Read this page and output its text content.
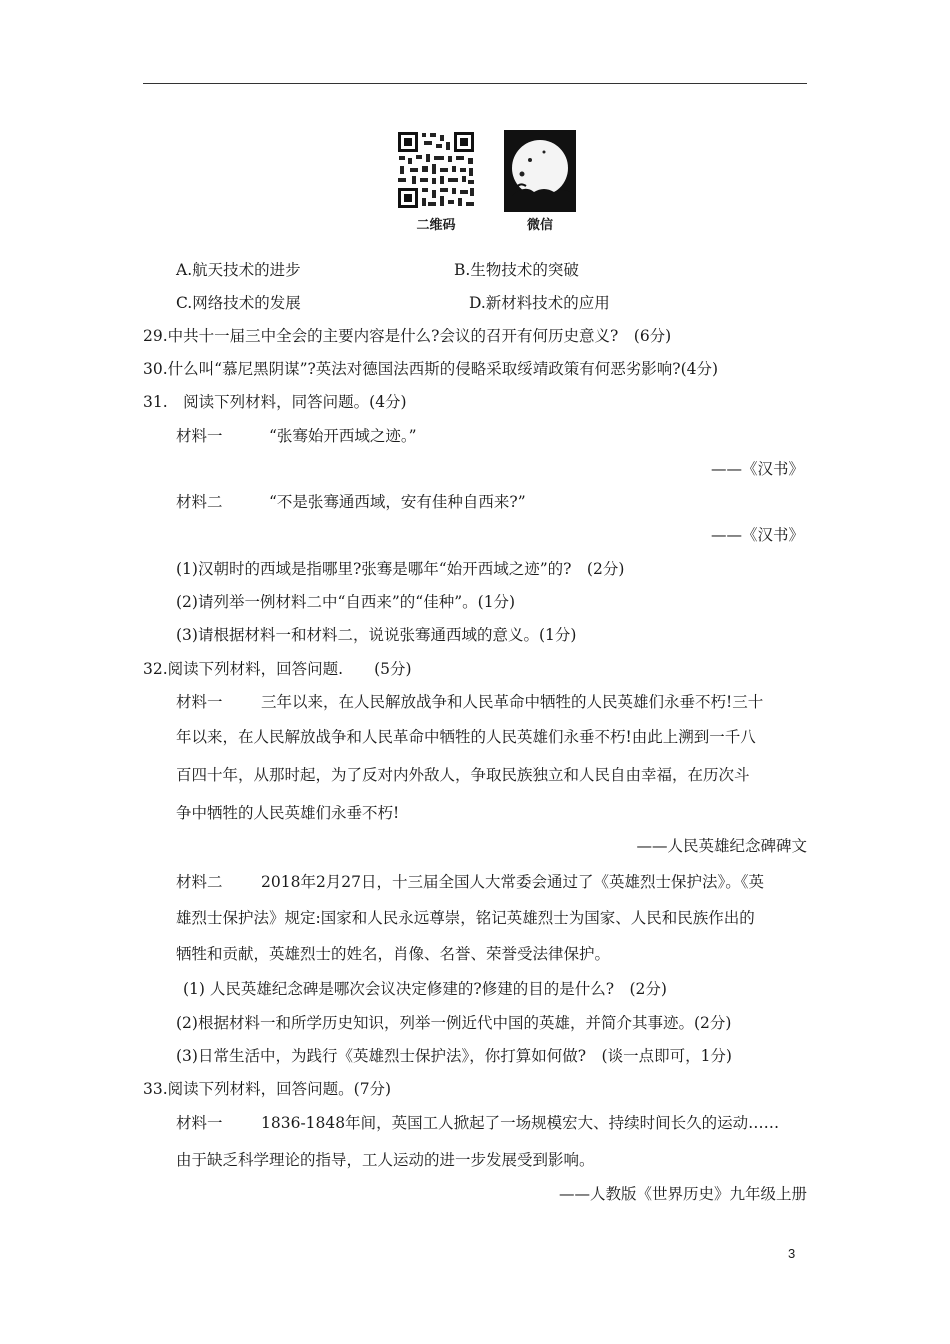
二维码	微信
A.航天技术的进步	B.生物技术的突破
C.网络技术的发展	D.新材料技术的应用
29.中共十一届三中全会的主要内容是什么?会议的召开有何历史意义?　(6分)
30.什么叫“慕尼黑阴谋”?英法对德国法西斯的侵略采取绥靖政策有何恶劣影响?(4分)
31.　阅读下列材料，同答问题。(4分)
材料一	“张骞始开西域之迹。”
——《汉书》
材料二	“不是张骞通西域，安有佳种自西来?”
——《汉书》
(1)汉朝时的西域是指哪里?张骞是哪年“始开西域之迹”的?　(2分)
(2)请列举一例材料二中“自西来”的“佳种”。(1分)
(3)请根据材料一和材料二，说说张骞通西域的意义。(1分)
32.阅读下列材料，回答问题.　　(5分)
材料一 三年以来，在人民解放战争和人民革命中牺牲的人民英雄们永垂不朽!三十
年以来，在人民解放战争和人民革命中牺牲的人民英雄们永垂不朽!由此上溯到一千八
百四十年，从那时起，为了反对内外敌人，争取民族独立和人民自由幸福，在历次斗
争中牺牲的人民英雄们永垂不朽!
——人民英雄纪念碑碑文
材料二 2018年2月27日，十三届全国人大常委会通过了《英雄烈士保护法》。《英
雄烈士保护法》规定:国家和人民永远尊崇，铭记英雄烈士为国家、人民和民族作出的
牺牲和贡献，英雄烈士的姓名，肖像、名誉、荣誉受法律保护。
(1) 人民英雄纪念碑是哪次会议决定修建的?修建的目的是什么?　(2分)
(2)根据材料一和所学历史知识，列举一例近代中国的英雄，并简介其事迹。(2分)
(3)日常生活中，为践行《英雄烈士保护法》，你打算如何做?　(谈一点即可，1分)
33.阅读下列材料，回答问题。(7分)
材料一 1836-1848年间，英国工人掀起了一场规模宏大、持续时间长久的运动……
由于缺乏科学理论的指导，工人运动的进一步发展受到影响。
——人教版《世界历史》九年级上册
3
